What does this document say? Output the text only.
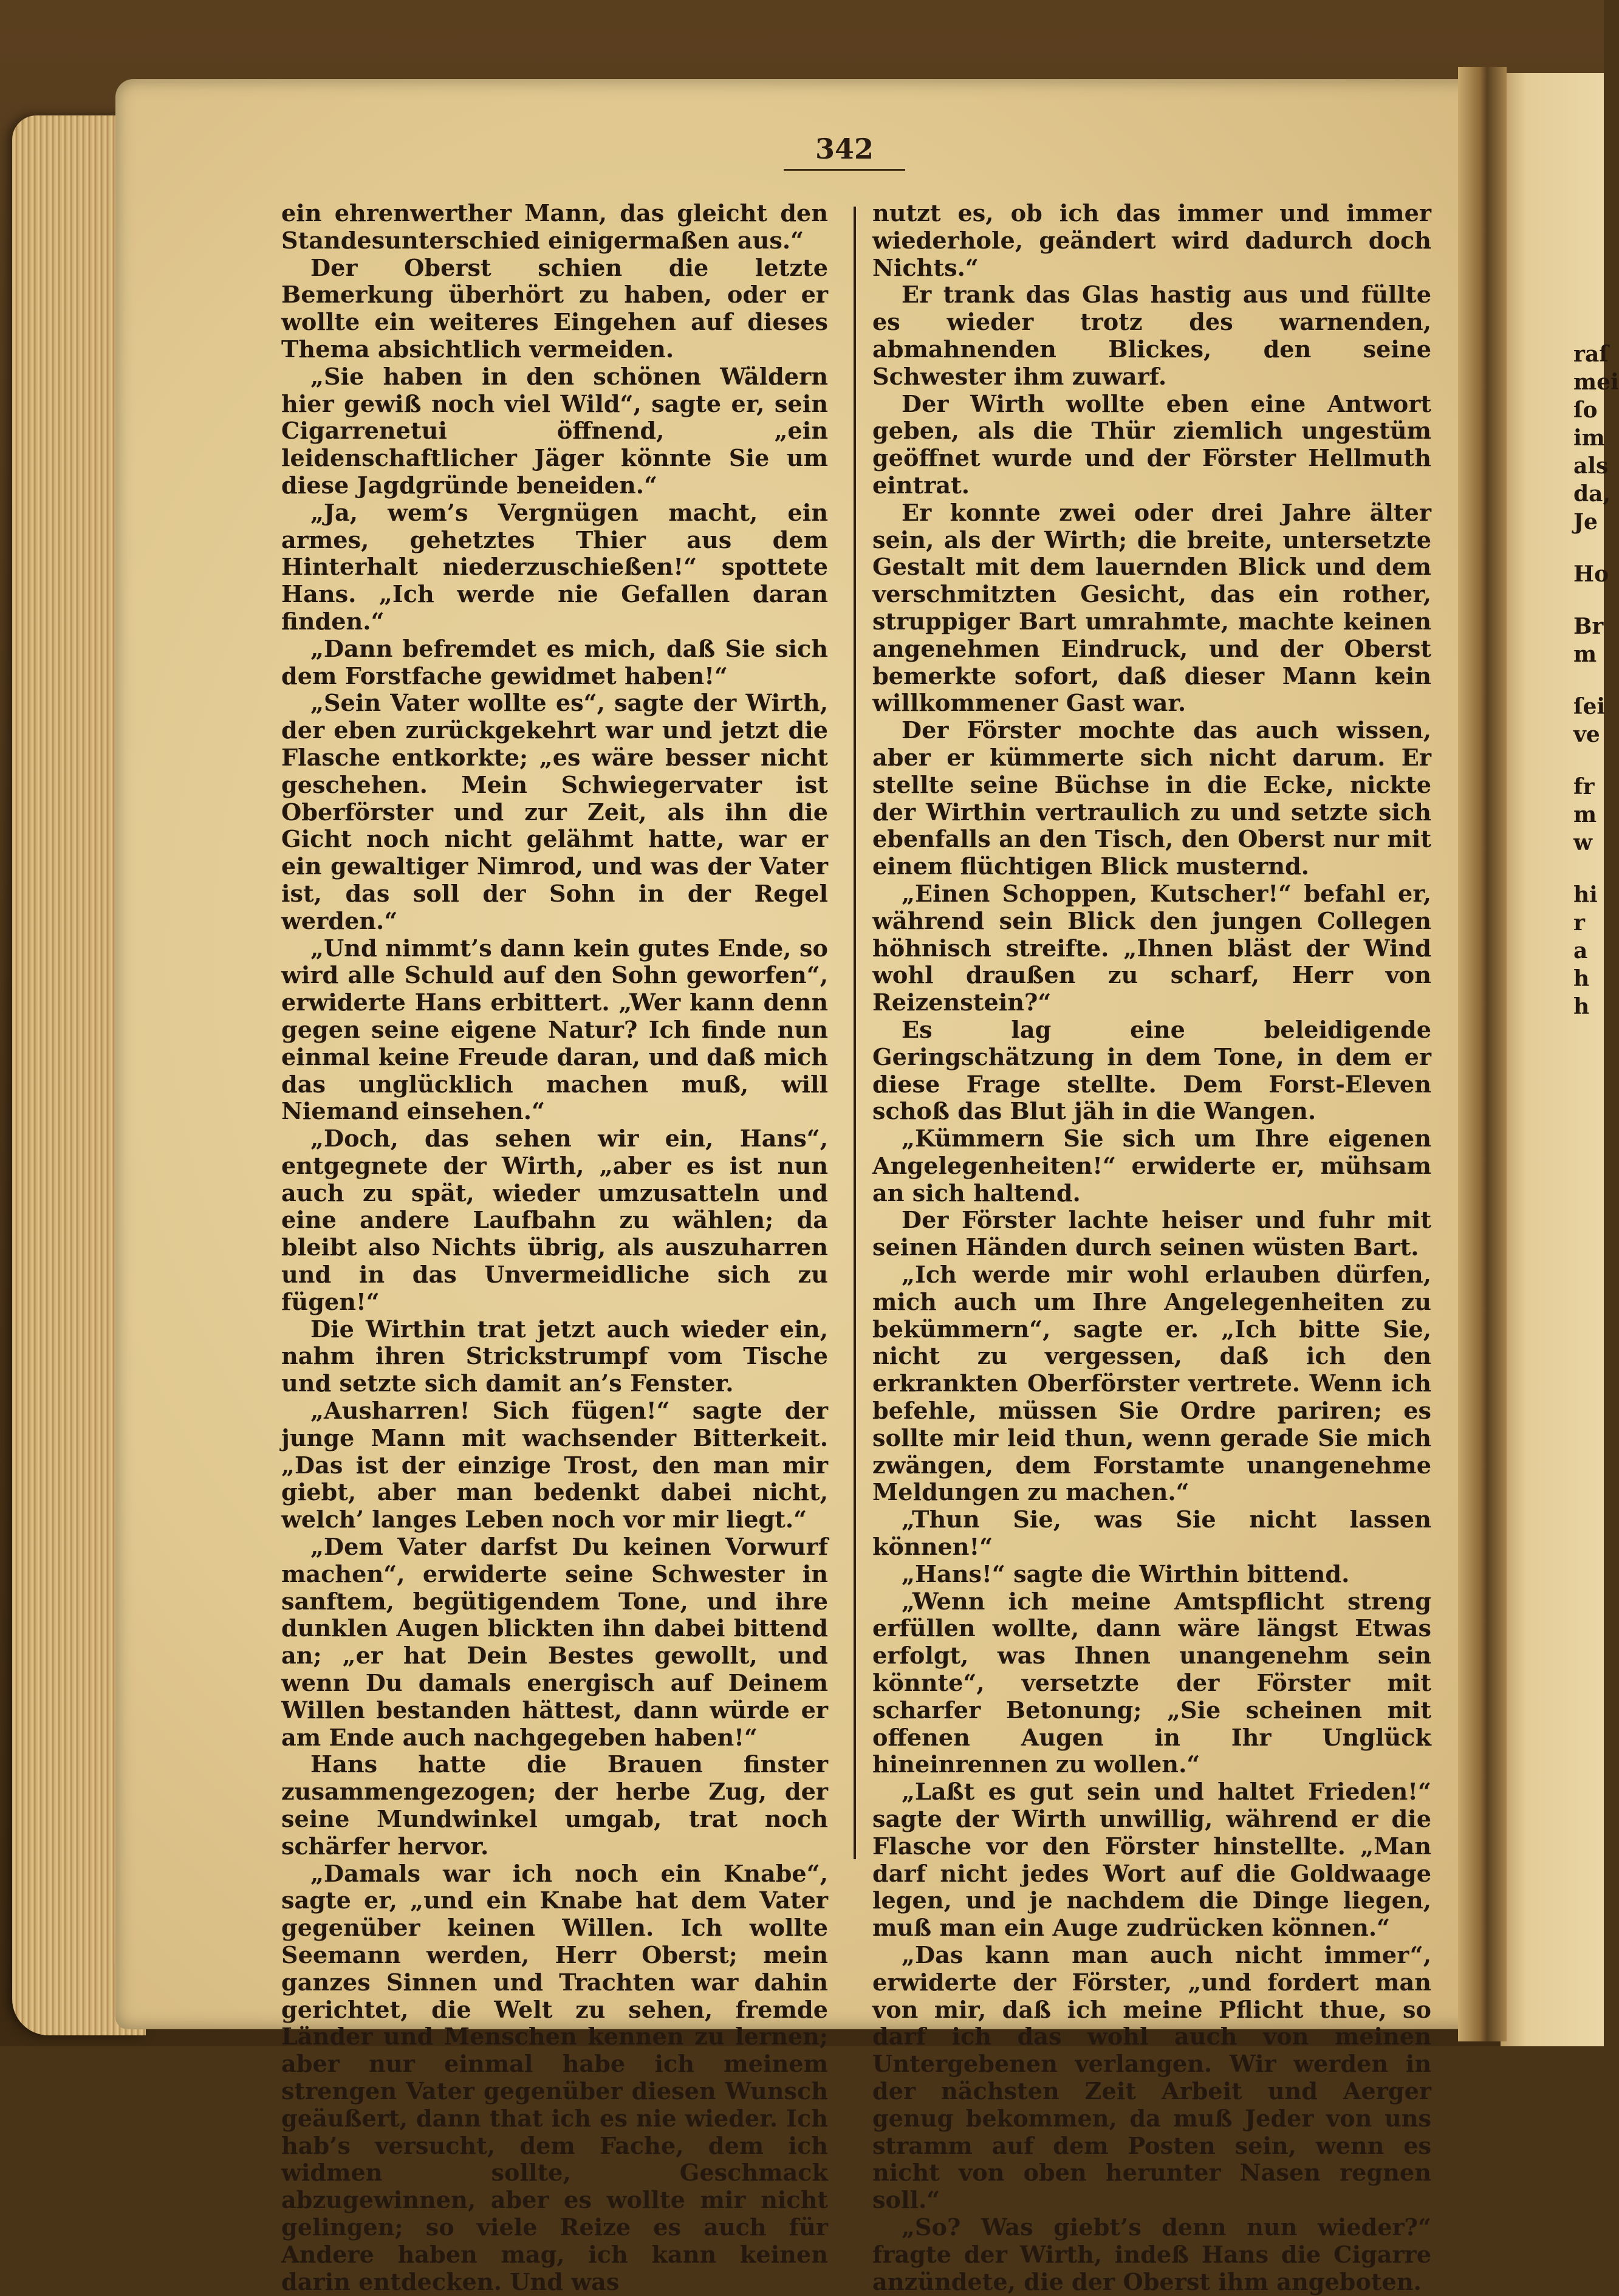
342

ein ehrenwerther Mann, das gleicht den Standesunterschied einigermaßen aus.“

Der Oberst schien die letzte Bemerkung überhört zu haben, oder er wollte ein weiteres Eingehen auf dieses Thema absichtlich vermeiden.

„Sie haben in den schönen Wäldern hier gewiß noch viel Wild“, sagte er, sein Cigarrenetui öffnend, „ein leidenschaftlicher Jäger könnte Sie um diese Jagdgründe beneiden.“

„Ja, wem’s Vergnügen macht, ein armes, gehetztes Thier aus dem Hinterhalt niederzuschießen!“ spottete Hans. „Ich werde nie Gefallen daran finden.“

„Dann befremdet es mich, daß Sie sich dem Forstfache gewidmet haben!“

„Sein Vater wollte es“, sagte der Wirth, der eben zurückgekehrt war und jetzt die Flasche entkorkte; „es wäre besser nicht geschehen. Mein Schwiegervater ist Oberförster und zur Zeit, als ihn die Gicht noch nicht gelähmt hatte, war er ein gewaltiger Nimrod, und was der Vater ist, das soll der Sohn in der Regel werden.“

„Und nimmt’s dann kein gutes Ende, so wird alle Schuld auf den Sohn geworfen“, erwiderte Hans erbittert. „Wer kann denn gegen seine eigene Natur? Ich finde nun einmal keine Freude daran, und daß mich das unglücklich machen muß, will Niemand einsehen.“

„Doch, das sehen wir ein, Hans“, entgegnete der Wirth, „aber es ist nun auch zu spät, wieder umzusatteln und eine andere Laufbahn zu wählen; da bleibt also Nichts übrig, als auszuharren und in das Unvermeidliche sich zu fügen!“

Die Wirthin trat jetzt auch wieder ein, nahm ihren Strickstrumpf vom Tische und setzte sich damit an’s Fenster.

„Ausharren! Sich fügen!“ sagte der junge Mann mit wachsender Bitterkeit. „Das ist der einzige Trost, den man mir giebt, aber man bedenkt dabei nicht, welch’ langes Leben noch vor mir liegt.“

„Dem Vater darfst Du keinen Vorwurf machen“, erwiderte seine Schwester in sanftem, begütigendem Tone, und ihre dunklen Augen blickten ihn dabei bittend an; „er hat Dein Bestes gewollt, und wenn Du damals energisch auf Deinem Willen bestanden hättest, dann würde er am Ende auch nachgegeben haben!“

Hans hatte die Brauen finster zusammengezogen; der herbe Zug, der seine Mundwinkel umgab, trat noch schärfer hervor.

„Damals war ich noch ein Knabe“, sagte er, „und ein Knabe hat dem Vater gegenüber keinen Willen. Ich wollte Seemann werden, Herr Oberst; mein ganzes Sinnen und Trachten war dahin gerichtet, die Welt zu sehen, fremde Länder und Menschen kennen zu lernen; aber nur einmal habe ich meinem strengen Vater gegenüber diesen Wunsch geäußert, dann that ich es nie wieder. Ich hab’s versucht, dem Fache, dem ich widmen sollte, Geschmack abzugewinnen, aber es wollte mir nicht gelingen; so viele Reize es auch für Andere haben mag, ich kann keinen darin entdecken. Und was

nutzt es, ob ich das immer und immer wiederhole, geändert wird dadurch doch Nichts.“

Er trank das Glas hastig aus und füllte es wieder trotz des warnenden, abmahnenden Blickes, den seine Schwester ihm zuwarf.

Der Wirth wollte eben eine Antwort geben, als die Thür ziemlich ungestüm geöffnet wurde und der Förster Hellmuth eintrat.

Er konnte zwei oder drei Jahre älter sein, als der Wirth; die breite, untersetzte Gestalt mit dem lauernden Blick und dem verschmitzten Gesicht, das ein rother, struppiger Bart umrahmte, machte keinen angenehmen Eindruck, und der Oberst bemerkte sofort, daß dieser Mann kein willkommener Gast war.

Der Förster mochte das auch wissen, aber er kümmerte sich nicht darum. Er stellte seine Büchse in die Ecke, nickte der Wirthin vertraulich zu und setzte sich ebenfalls an den Tisch, den Oberst nur mit einem flüchtigen Blick musternd.

„Einen Schoppen, Kutscher!“ befahl er, während sein Blick den jungen Collegen höhnisch streifte. „Ihnen bläst der Wind wohl draußen zu scharf, Herr von Reizenstein?“

Es lag eine beleidigende Geringschätzung in dem Tone, in dem er diese Frage stellte. Dem Forst-Eleven schoß das Blut jäh in die Wangen.

„Kümmern Sie sich um Ihre eigenen Angelegenheiten!“ erwiderte er, mühsam an sich haltend.

Der Förster lachte heiser und fuhr mit seinen Händen durch seinen wüsten Bart.

„Ich werde mir wohl erlauben dürfen, mich auch um Ihre Angelegenheiten zu bekümmern“, sagte er. „Ich bitte Sie, nicht zu vergessen, daß ich den erkrankten Oberförster vertrete. Wenn ich befehle, müssen Sie Ordre pariren; es sollte mir leid thun, wenn gerade Sie mich zwängen, dem Forstamte unangenehme Meldungen zu machen.“

„Thun Sie, was Sie nicht lassen können!“

„Hans!“ sagte die Wirthin bittend.

„Wenn ich meine Amtspflicht streng erfüllen wollte, dann wäre längst Etwas erfolgt, was Ihnen unangenehm sein könnte“, versetzte der Förster mit scharfer Betonung; „Sie scheinen mit offenen Augen in Ihr Unglück hineinrennen zu wollen.“

„Laßt es gut sein und haltet Frieden!“ sagte der Wirth unwillig, während er die Flasche vor den Förster hinstellte. „Man darf nicht jedes Wort auf die Goldwaage legen, und je nachdem die Dinge liegen, muß man ein Auge zudrücken können.“

„Das kann man auch nicht immer“, erwiderte der Förster, „und fordert man von mir, daß ich meine Pflicht thue, so darf ich das wohl auch von meinen Untergebenen verlangen. Wir werden in der nächsten Zeit Arbeit und Aerger genug bekommen, da muß Jeder von uns stramm auf dem Posten sein, wenn es nicht von oben herunter Nasen regnen soll.“

„So? Was giebt’s denn nun wieder?“ fragte der Wirth, indeß Hans die Cigarre anzündete, die der Oberst ihm angeboten.

raſ
mei
ſo
im
als
da,
Je
Ho
Br
m
ſei
ve
fr
m
w
hi
r
a
h
h
